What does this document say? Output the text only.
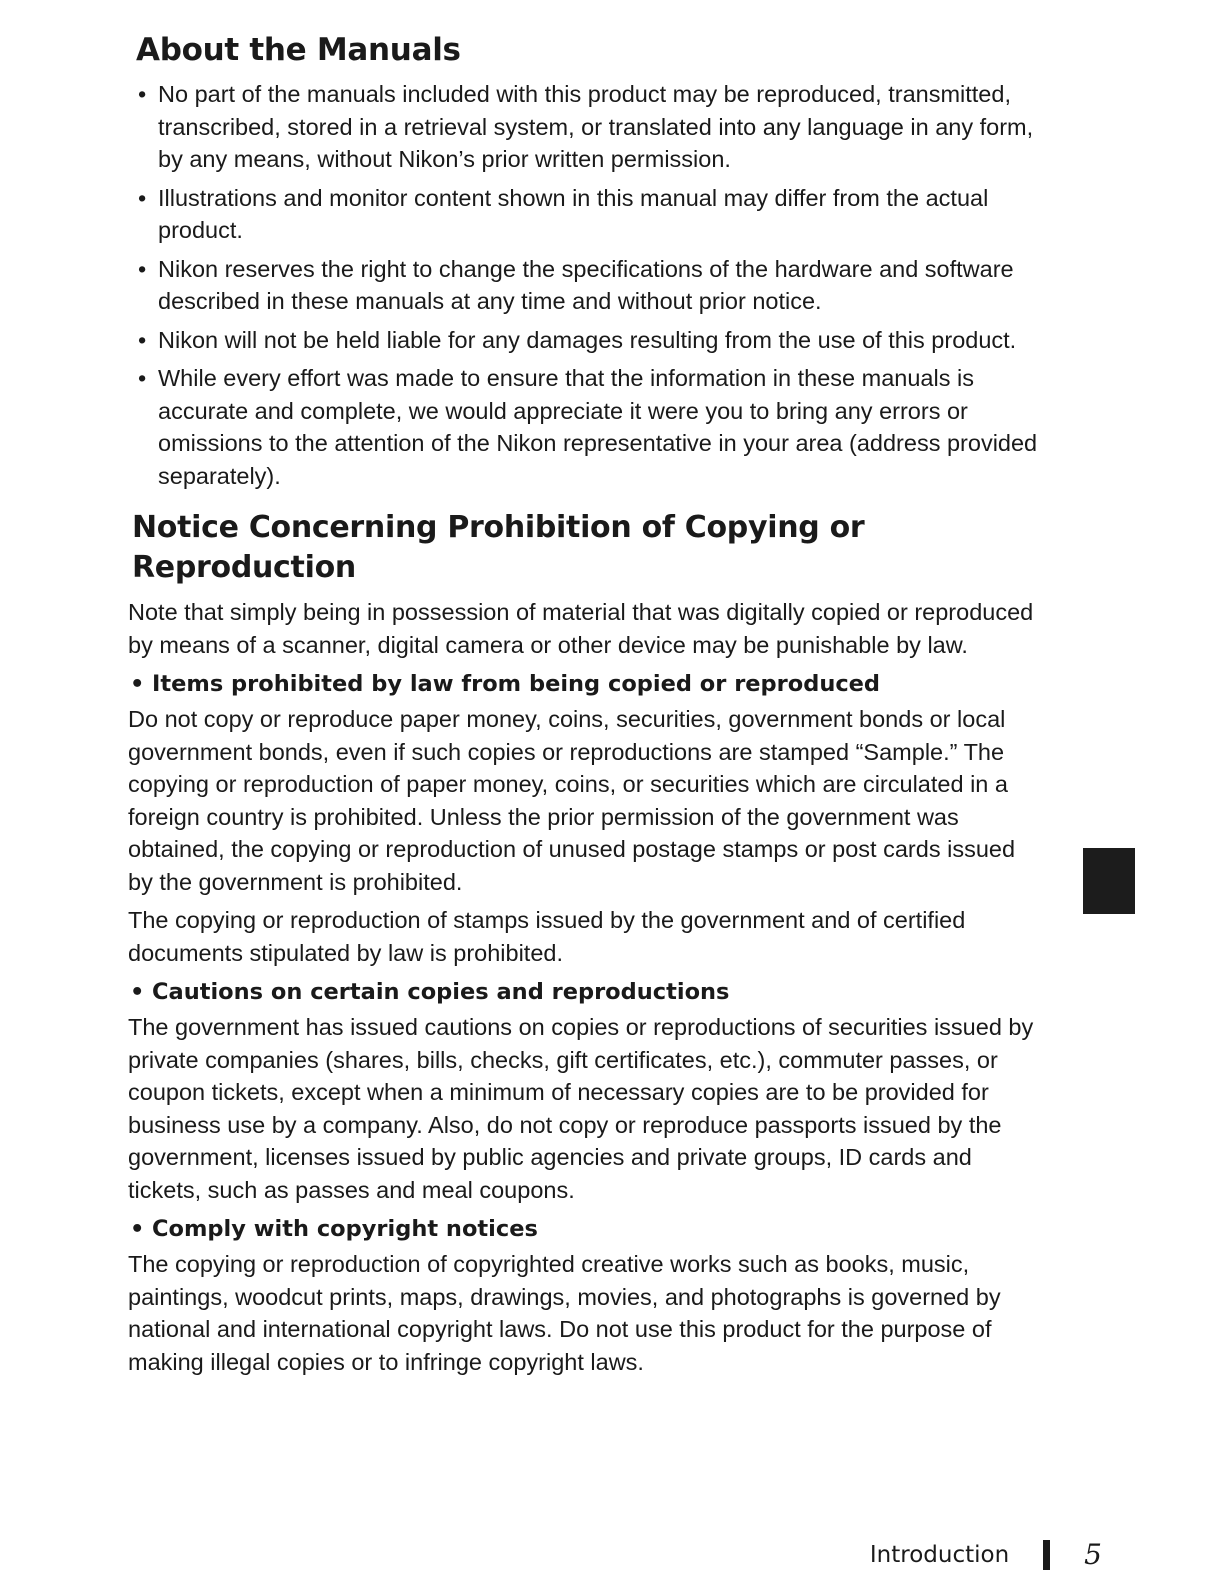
About the Manuals
• No part of the manuals included with this product may be reproduced, transmitted, transcribed, stored in a retrieval system, or translated into any language in any form, by any means, without Nikon’s prior written permission.
• Illustrations and monitor content shown in this manual may differ from the actual product.
• Nikon reserves the right to change the specifications of the hardware and software described in these manuals at any time and without prior notice.
• Nikon will not be held liable for any damages resulting from the use of this product.
• While every effort was made to ensure that the information in these manuals is accurate and complete, we would appreciate it were you to bring any errors or omissions to the attention of the Nikon representative in your area (address provided separately).
Notice Concerning Prohibition of Copying or Reproduction

Note that simply being in possession of material that was digitally copied or reproduced by means of a scanner, digital camera or other device may be punishable by law.

• Items prohibited by law from being copied or reproduced

Do not copy or reproduce paper money, coins, securities, government bonds or local government bonds, even if such copies or reproductions are stamped “Sample.” The copying or reproduction of paper money, coins, or securities which are circulated in a foreign country is prohibited. Unless the prior permission of the government was obtained, the copying or reproduction of unused postage stamps or post cards issued by the government is prohibited.

The copying or reproduction of stamps issued by the government and of certified documents stipulated by law is prohibited.

• Cautions on certain copies and reproductions

The government has issued cautions on copies or reproductions of securities issued by private companies (shares, bills, checks, gift certificates, etc.), commuter passes, or coupon tickets, except when a minimum of necessary copies are to be provided for business use by a company. Also, do not copy or reproduce passports issued by the government, licenses issued by public agencies and private groups, ID cards and tickets, such as passes and meal coupons.

• Comply with copyright notices

The copying or reproduction of copyrighted creative works such as books, music, paintings, woodcut prints, maps, drawings, movies, and photographs is governed by national and international copyright laws. Do not use this product for the purpose of making illegal copies or to infringe copyright laws.

Introduction	5
